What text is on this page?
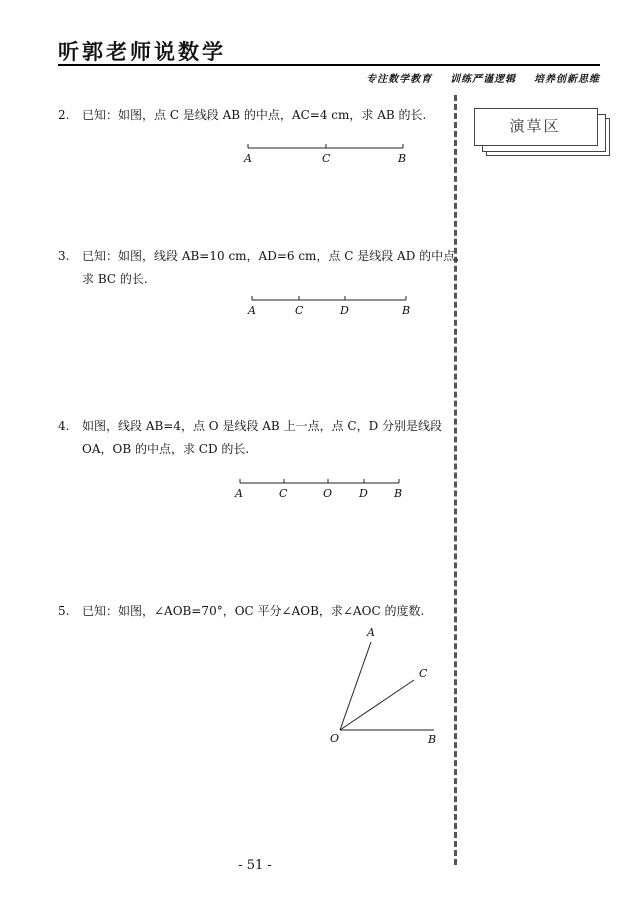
听郭老师说数学
专注数学教育    训练严谨逻辑    培养创新思维
演草区
2. 已知：如图，点 C 是线段 AB 的中点，AC=4 cm，求 AB 的长.
A	C	B
3. 已知：如图，线段 AB=10 cm，AD=6 cm，点 C 是线段 AD 的中点，
求 BC 的长.
A	C	D	B
4. 如图，线段 AB=4，点 O 是线段 AB 上一点，点 C，D 分别是线段
OA，OB 的中点，求 CD 的长.
A	C	O D B
5. 已知：如图，∠AOB=70°，OC 平分∠AOB，求∠AOC 的度数.
A
C
O	B
- 51 -
